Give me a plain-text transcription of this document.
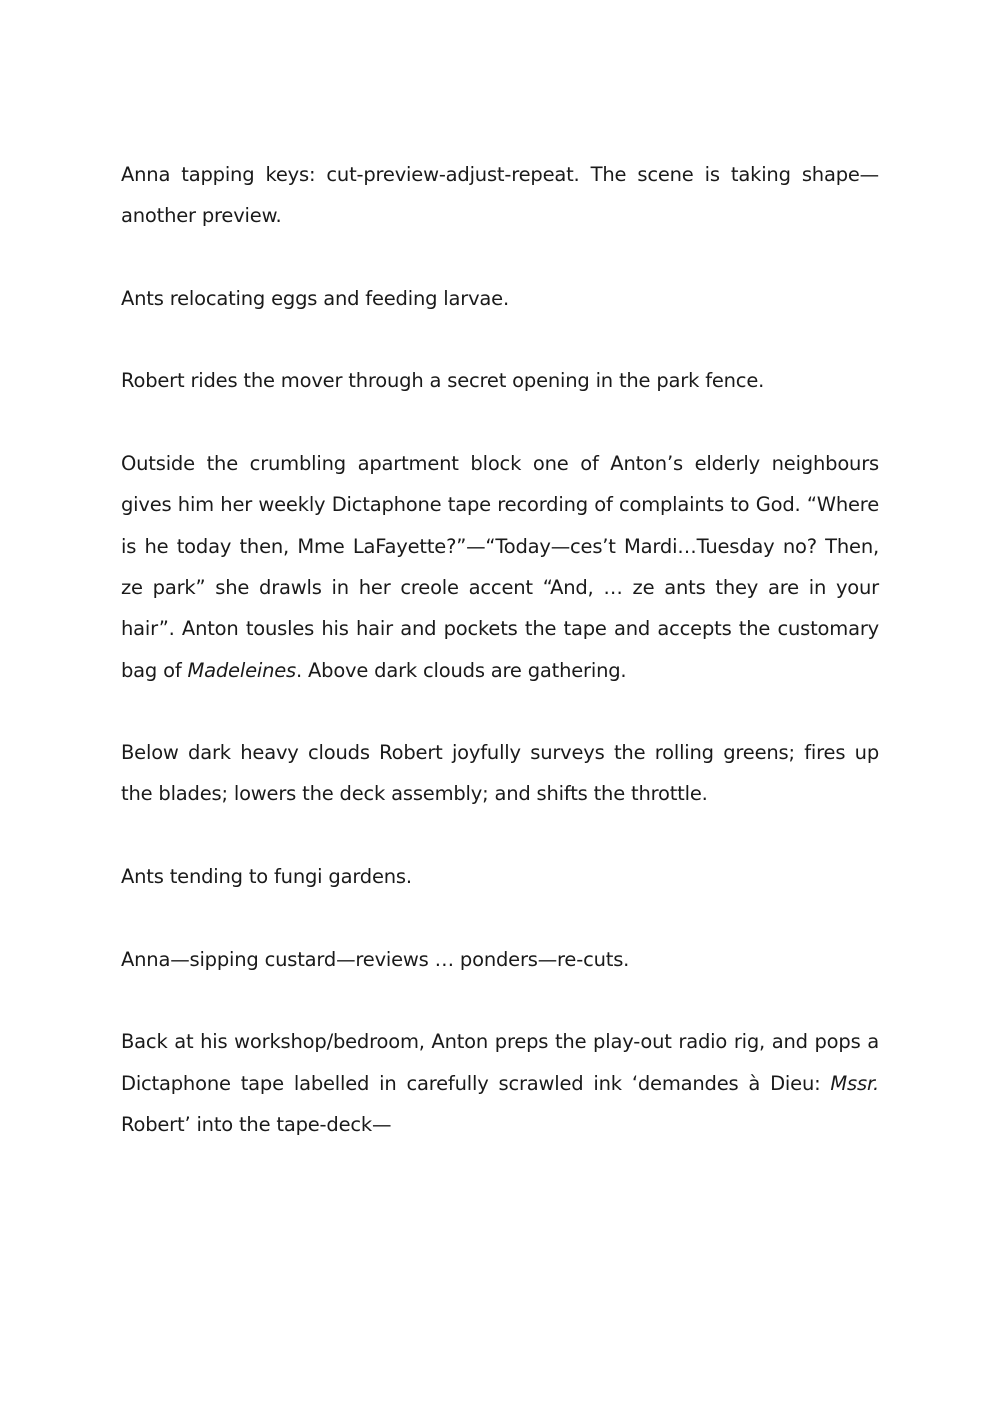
Anna tapping keys: cut-preview-adjust-repeat. The scene is taking shape—another preview.

Ants relocating eggs and feeding larvae.

Robert rides the mover through a secret opening in the park fence.

Outside the crumbling apartment block one of Anton’s elderly neighbours gives him her weekly Dictaphone tape recording of complaints to God. “Where is he today then, Mme LaFayette?”—“Today—ces’t Mardi…Tuesday no? Then, ze park” she drawls in her creole accent “And, … ze ants they are in your hair”. Anton tousles his hair and pockets the tape and accepts the customary bag of Madeleines. Above dark clouds are gathering.

Below dark heavy clouds Robert joyfully surveys the rolling greens; fires up the blades; lowers the deck assembly; and shifts the throttle.

Ants tending to fungi gardens.

Anna—sipping custard—reviews … ponders—re-cuts.

Back at his workshop/bedroom, Anton preps the play-out radio rig, and pops a Dictaphone tape labelled in carefully scrawled ink ‘demandes à Dieu: Mssr. Robert’ into the tape-deck—
